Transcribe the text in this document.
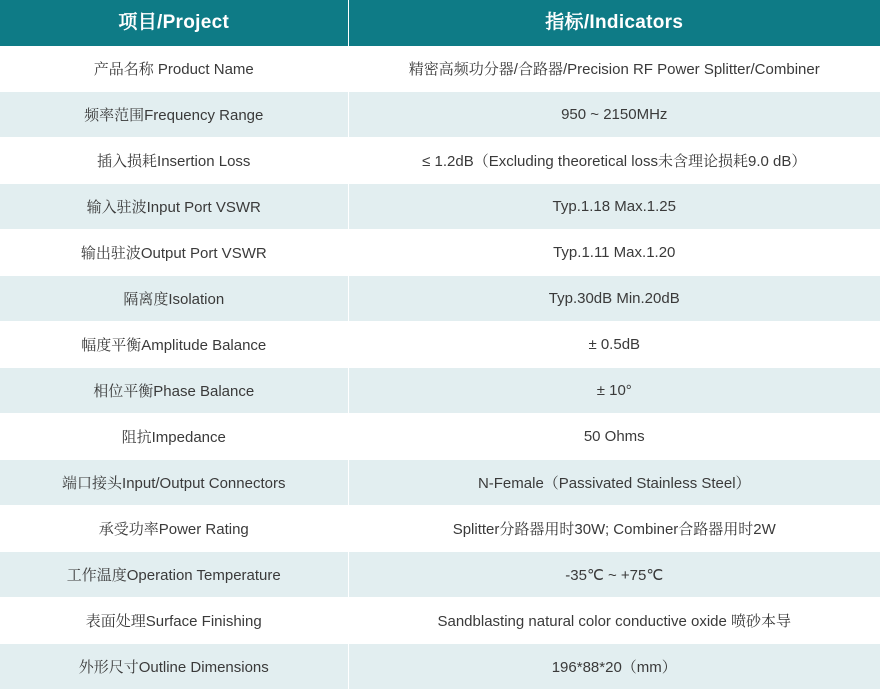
项目/Project	指标/Indicators
产品名称 Product Name	精密高频功分器/合路器/Precision RF Power Splitter/Combiner
频率范围Frequency Range	950 ~ 2150MHz
插入损耗Insertion Loss	≤ 1.2dB（Excluding theoretical loss未含理论损耗9.0 dB）
输入驻波Input Port VSWR	Typ.1.18 Max.1.25
输出驻波Output Port VSWR	Typ.1.11 Max.1.20
隔离度Isolation	Typ.30dB Min.20dB
幅度平衡Amplitude Balance	± 0.5dB
相位平衡Phase Balance	± 10°
阻抗Impedance	50 Ohms
端口接头Input/Output Connectors	N-Female（Passivated Stainless Steel）
承受功率Power Rating	Splitter分路器用时30W; Combiner合路器用时2W
工作温度Operation Temperature	-35℃ ~ +75℃
表面处理Surface Finishing	Sandblasting natural color conductive oxide 喷砂本导
外形尺寸Outline Dimensions	196*88*20（mm）
